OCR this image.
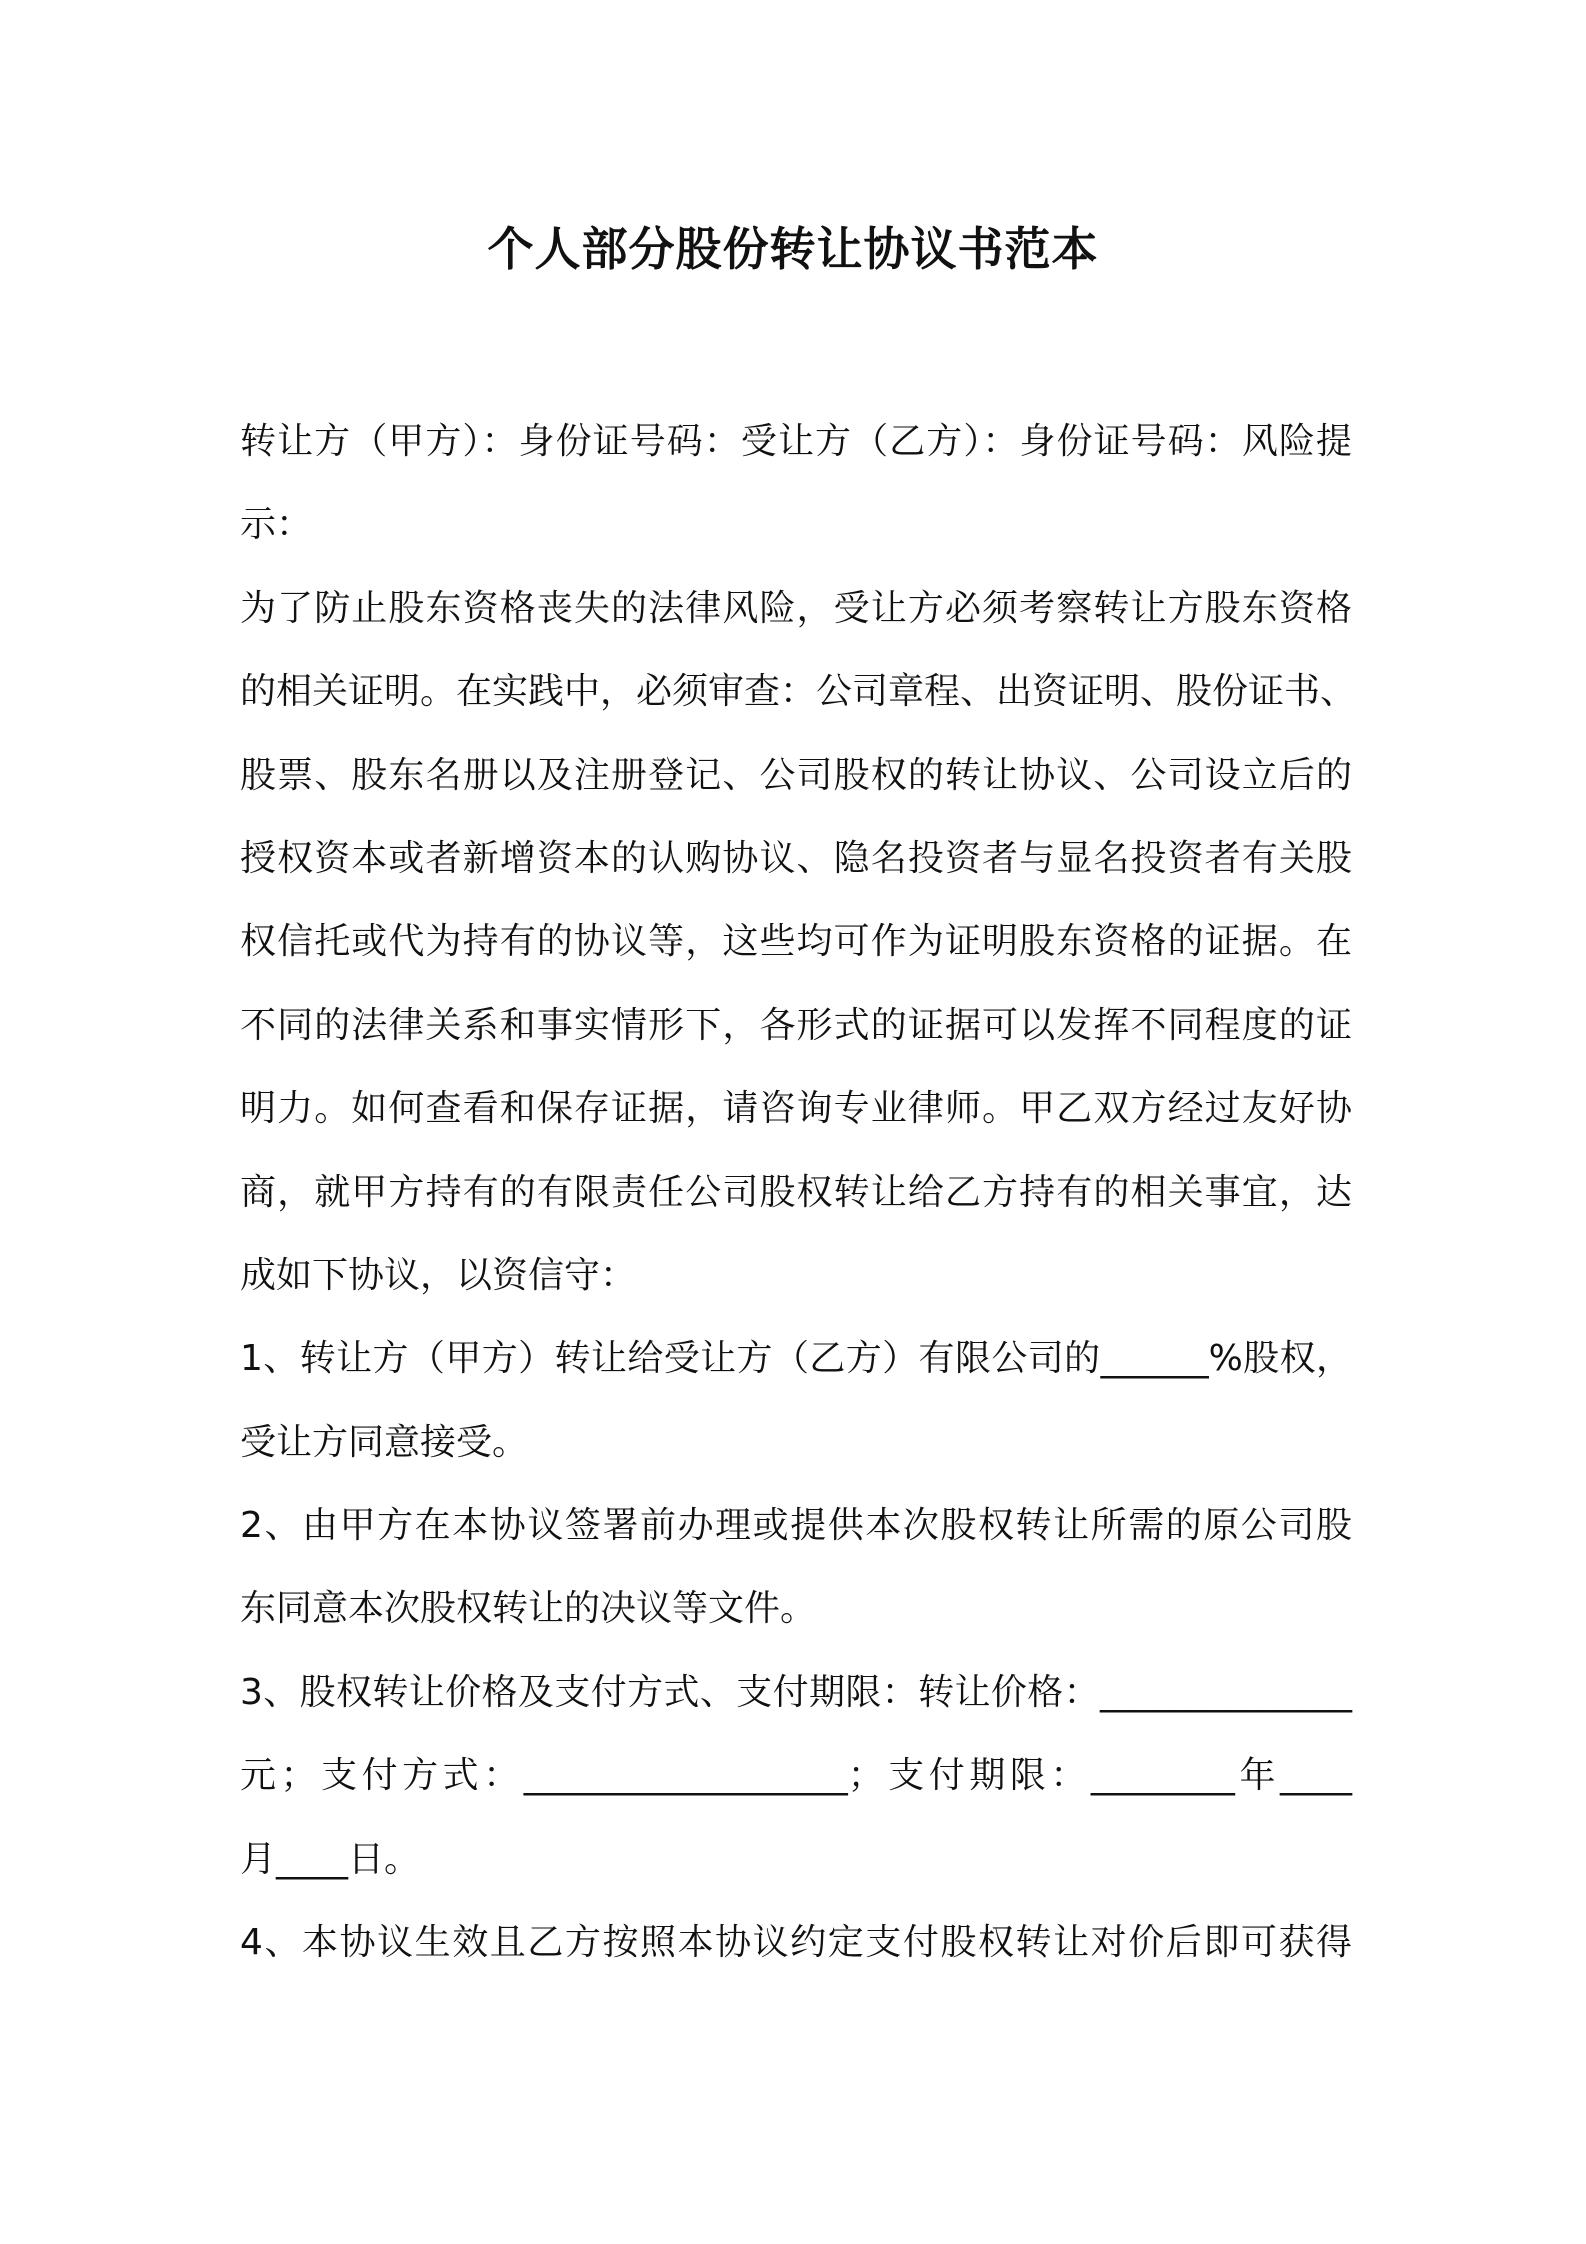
个人部分股份转让协议书范本
转让方（甲方）：身份证号码：受让方（乙方）：身份证号码：风险提
示：
为了防止股东资格丧失的法律风险，受让方必须考察转让方股东资格
的相关证明。在实践中，必须审查：公司章程、出资证明、股份证书、
股票、股东名册以及注册登记、公司股权的转让协议、公司设立后的
授权资本或者新增资本的认购协议、隐名投资者与显名投资者有关股
权信托或代为持有的协议等，这些均可作为证明股东资格的证据。在
不同的法律关系和事实情形下，各形式的证据可以发挥不同程度的证
明力。如何查看和保存证据，请咨询专业律师。甲乙双方经过友好协
商，就甲方持有的有限责任公司股权转让给乙方持有的相关事宜，达
成如下协议，以资信守：
1、转让方（甲方）转让给受让方（乙方）有限公司的______%股权，
受让方同意接受。
2、由甲方在本协议签署前办理或提供本次股权转让所需的原公司股
东同意本次股权转让的决议等文件。
3、股权转让价格及支付方式、支付期限：转让价格：______________
元；支付方式：__________________；支付期限：________年____
月____日。
4、本协议生效且乙方按照本协议约定支付股权转让对价后即可获得
